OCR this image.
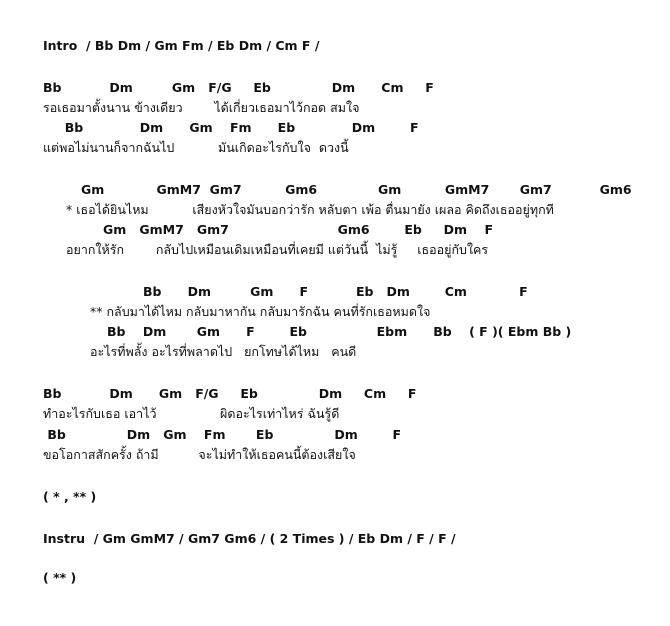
Intro  / Bb Dm / Gm Fm / Eb Dm / Cm F /

Bb           Dm         Gm   F/G     Eb              Dm      Cm     F

รอเธอมาตั้งนาน ข้างเดียว        ได้เกี่ยวเธอมาไว้กอด สมใจ

Bb             Dm      Gm    Fm      Eb             Dm        F

แต่พอไม่นานก็จากฉันไป           มันเกิดอะไรกับใจ  ดวงนี้

Gm            GmM7  Gm7          Gm6              Gm          GmM7       Gm7           Gm6

* เธอได้ยินไหม           เสียงหัวใจมันบอกว่ารัก หลับตา เพ้อ ตื่นมายัง เผลอ คิดถึงเธออยู่ทุกที

Gm   GmM7   Gm7                         Gm6        Eb     Dm    F

อยากให้รัก        กลับไปเหมือนเดิมเหมือนที่เคยมี แต่วันนี้  ไม่รู้     เธออยู่กับใคร

Bb      Dm         Gm      F           Eb   Dm        Cm            F

** กลับมาได้ไหม กลับมาหากัน กลับมารักฉัน คนที่รักเธอหมดใจ

Bb    Dm       Gm      F        Eb                Ebm      Bb    ( F )( Ebm Bb )

อะไรที่พลั้ง อะไรที่พลาดไป   ยกโทษได้ไหม   คนดี

Bb           Dm      Gm   F/G     Eb              Dm     Cm     F

ทำอะไรกับเธอ เอาไว้                ผิดอะไรเท่าไหร่ ฉันรู้ดี

Bb              Dm   Gm    Fm       Eb              Dm        F

ขอโอกาสสักครั้ง ถ้ามี          จะไม่ทำให้เธอคนนี้ต้องเสียใจ

( * , ** )

Instru  / Gm GmM7 / Gm7 Gm6 / ( 2 Times ) / Eb Dm / F / F /

( ** )
